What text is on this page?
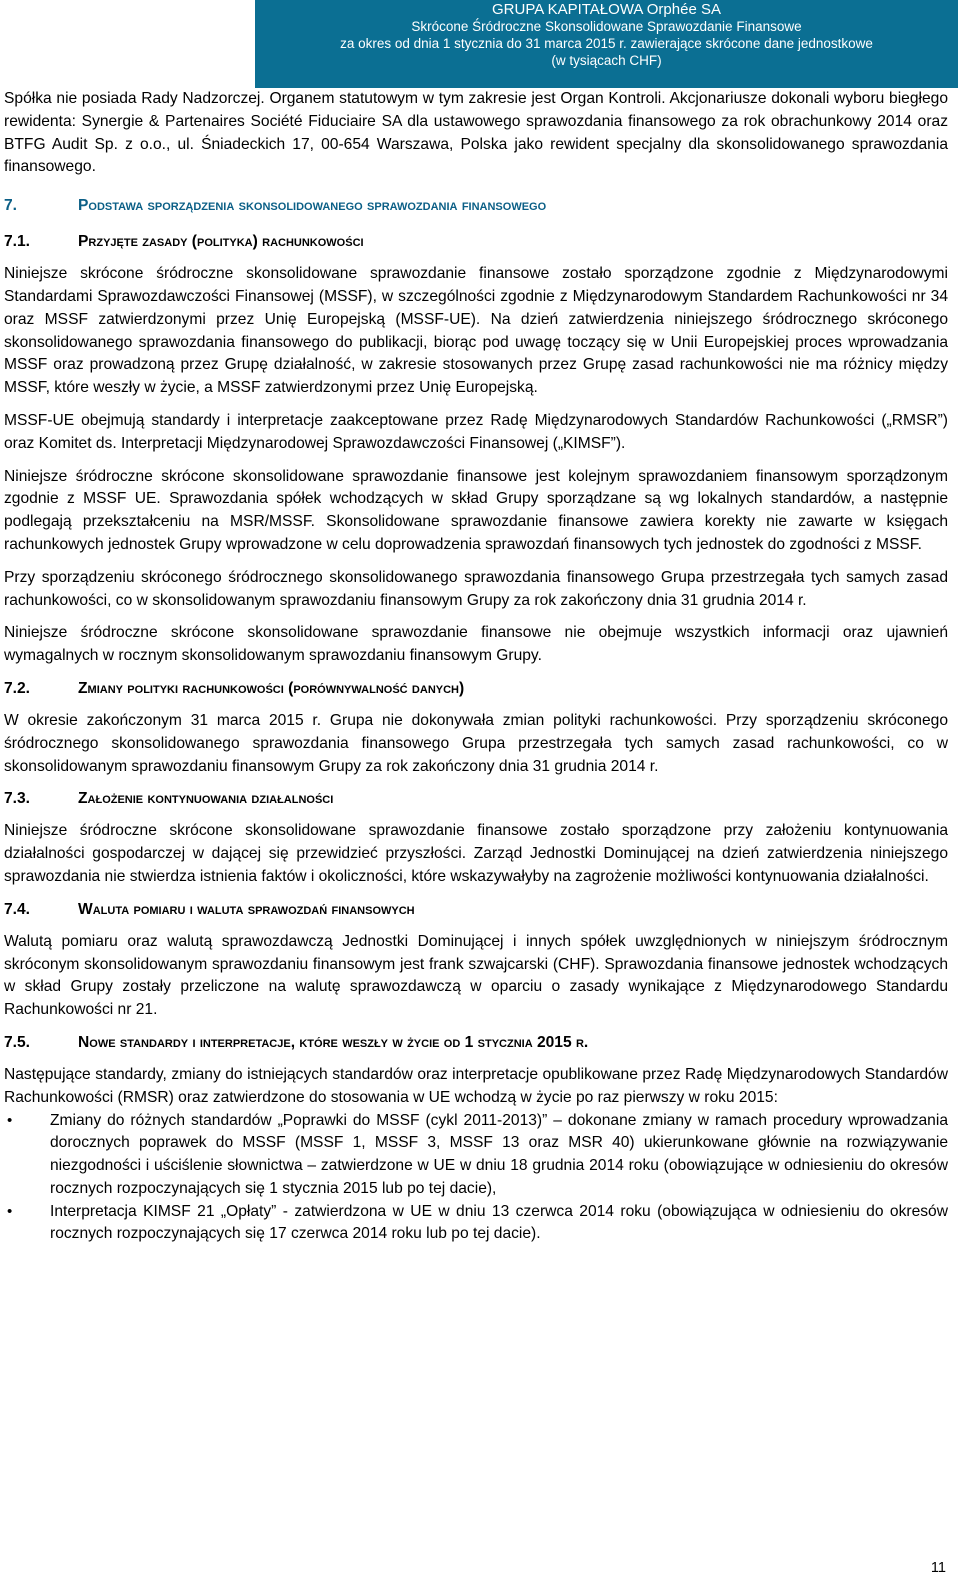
GRUPA KAPITAŁOWA Orphée SA
Skrócone Śródroczne Skonsolidowane Sprawozdanie Finansowe
za okres od dnia 1 stycznia do 31 marca 2015 r. zawierające skrócone dane jednostkowe
(w tysiącach CHF)

Spółka nie posiada Rady Nadzorczej. Organem statutowym w tym zakresie jest Organ Kontroli. Akcjonariusze dokonali wyboru biegłego rewidenta: Synergie & Partenaires Société Fiduciaire SA dla ustawowego sprawozdania finansowego za rok obrachunkowy 2014 oraz BTFG Audit Sp. z o.o., ul. Śniadeckich 17, 00-654 Warszawa, Polska jako rewident specjalny dla skonsolidowanego sprawozdania finansowego.

7.	Podstawa sporządzenia skonsolidowanego sprawozdania finansowego
7.1.	Przyjęte zasady (polityka) rachunkowości

Niniejsze skrócone śródroczne skonsolidowane sprawozdanie finansowe zostało sporządzone zgodnie z Międzynarodowymi Standardami Sprawozdawczości Finansowej (MSSF), w szczególności zgodnie z Międzynarodowym Standardem Rachunkowości nr 34 oraz MSSF zatwierdzonymi przez Unię Europejską (MSSF-UE). Na dzień zatwierdzenia niniejszego śródrocznego skróconego skonsolidowanego sprawozdania finansowego do publikacji, biorąc pod uwagę toczący się w Unii Europejskiej proces wprowadzania MSSF oraz prowadzoną przez Grupę działalność, w zakresie stosowanych przez Grupę zasad rachunkowości nie ma różnicy między MSSF, które weszły w życie, a MSSF zatwierdzonymi przez Unię Europejską.

MSSF-UE obejmują standardy i interpretacje zaakceptowane przez Radę Międzynarodowych Standardów Rachunkowości („RMSR”) oraz Komitet ds. Interpretacji Międzynarodowej Sprawozdawczości Finansowej („KIMSF”).

Niniejsze śródroczne skrócone skonsolidowane sprawozdanie finansowe jest kolejnym sprawozdaniem finansowym sporządzonym zgodnie z MSSF UE. Sprawozdania spółek wchodzących w skład Grupy sporządzane są wg lokalnych standardów, a następnie podlegają przekształceniu na MSR/MSSF. Skonsolidowane sprawozdanie finansowe zawiera korekty nie zawarte w księgach rachunkowych jednostek Grupy wprowadzone w celu doprowadzenia sprawozdań finansowych tych jednostek do zgodności z MSSF.

Przy sporządzeniu skróconego śródrocznego skonsolidowanego sprawozdania finansowego Grupa przestrzegała tych samych zasad rachunkowości, co w skonsolidowanym sprawozdaniu finansowym Grupy za rok zakończony dnia 31 grudnia 2014 r.

Niniejsze śródroczne skrócone skonsolidowane sprawozdanie finansowe nie obejmuje wszystkich informacji oraz ujawnień wymagalnych w rocznym skonsolidowanym sprawozdaniu finansowym Grupy.

7.2.	Zmiany polityki rachunkowości (porównywalność danych)

W okresie zakończonym 31 marca 2015 r. Grupa nie dokonywała zmian polityki rachunkowości. Przy sporządzeniu skróconego śródrocznego skonsolidowanego sprawozdania finansowego Grupa przestrzegała tych samych zasad rachunkowości, co w skonsolidowanym sprawozdaniu finansowym Grupy za rok zakończony dnia 31 grudnia 2014 r.

7.3.	Założenie kontynuowania działalności

Niniejsze śródroczne skrócone skonsolidowane sprawozdanie finansowe zostało sporządzone przy założeniu kontynuowania działalności gospodarczej w dającej się przewidzieć przyszłości. Zarząd Jednostki Dominującej na dzień zatwierdzenia niniejszego sprawozdania nie stwierdza istnienia faktów i okoliczności, które wskazywałyby na zagrożenie możliwości kontynuowania działalności.

7.4.	Waluta pomiaru i waluta sprawozdań finansowych

Walutą pomiaru oraz walutą sprawozdawczą Jednostki Dominującej i innych spółek uwzględnionych w niniejszym śródrocznym skróconym skonsolidowanym sprawozdaniu finansowym jest frank szwajcarski (CHF). Sprawozdania finansowe jednostek wchodzących w skład Grupy zostały przeliczone na walutę sprawozdawczą w oparciu o zasady wynikające z Międzynarodowego Standardu Rachunkowości nr 21.

7.5.	Nowe standardy i interpretacje, które weszły w życie od 1 stycznia 2015 r.

Następujące standardy, zmiany do istniejących standardów oraz interpretacje opublikowane przez Radę Międzynarodowych Standardów Rachunkowości (RMSR) oraz zatwierdzone do stosowania w UE wchodzą w życie po raz pierwszy w roku 2015:

• Zmiany do różnych standardów „Poprawki do MSSF (cykl 2011-2013)” – dokonane zmiany w ramach procedury wprowadzania dorocznych poprawek do MSSF (MSSF 1, MSSF 3, MSSF 13 oraz MSR 40) ukierunkowane głównie na rozwiązywanie niezgodności i uściślenie słownictwa – zatwierdzone w UE w dniu 18 grudnia 2014 roku (obowiązujące w odniesieniu do okresów rocznych rozpoczynających się 1 stycznia 2015 lub po tej dacie),
• Interpretacja KIMSF 21 „Opłaty” - zatwierdzona w UE w dniu 13 czerwca 2014 roku (obowiązująca w odniesieniu do okresów rocznych rozpoczynających się 17 czerwca 2014 roku lub po tej dacie).
11
